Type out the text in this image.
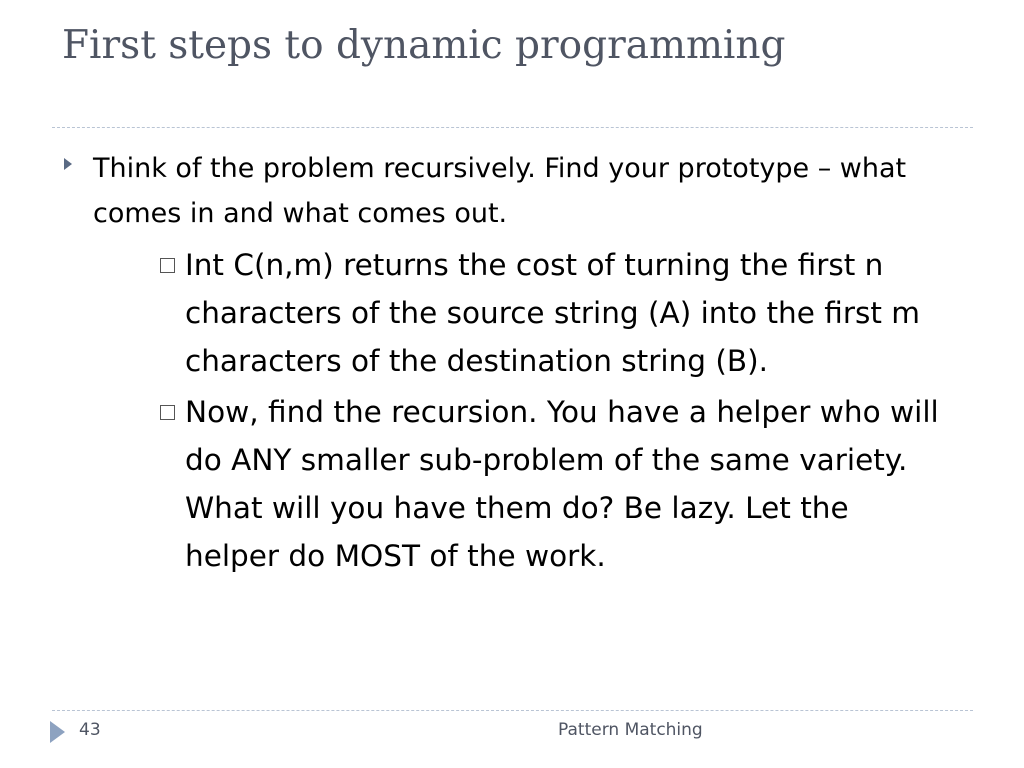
First steps to dynamic programming
Think of the problem recursively. Find your prototype – what comes in and what comes out.
Int C(n,m) returns the cost of turning the first n characters of the source string (A) into the first m characters of the destination string (B).
Now, find the recursion. You have a helper who will do ANY smaller sub-problem of the same variety. What will you have them do? Be lazy. Let the helper do MOST of the work.
43	Pattern Matching
